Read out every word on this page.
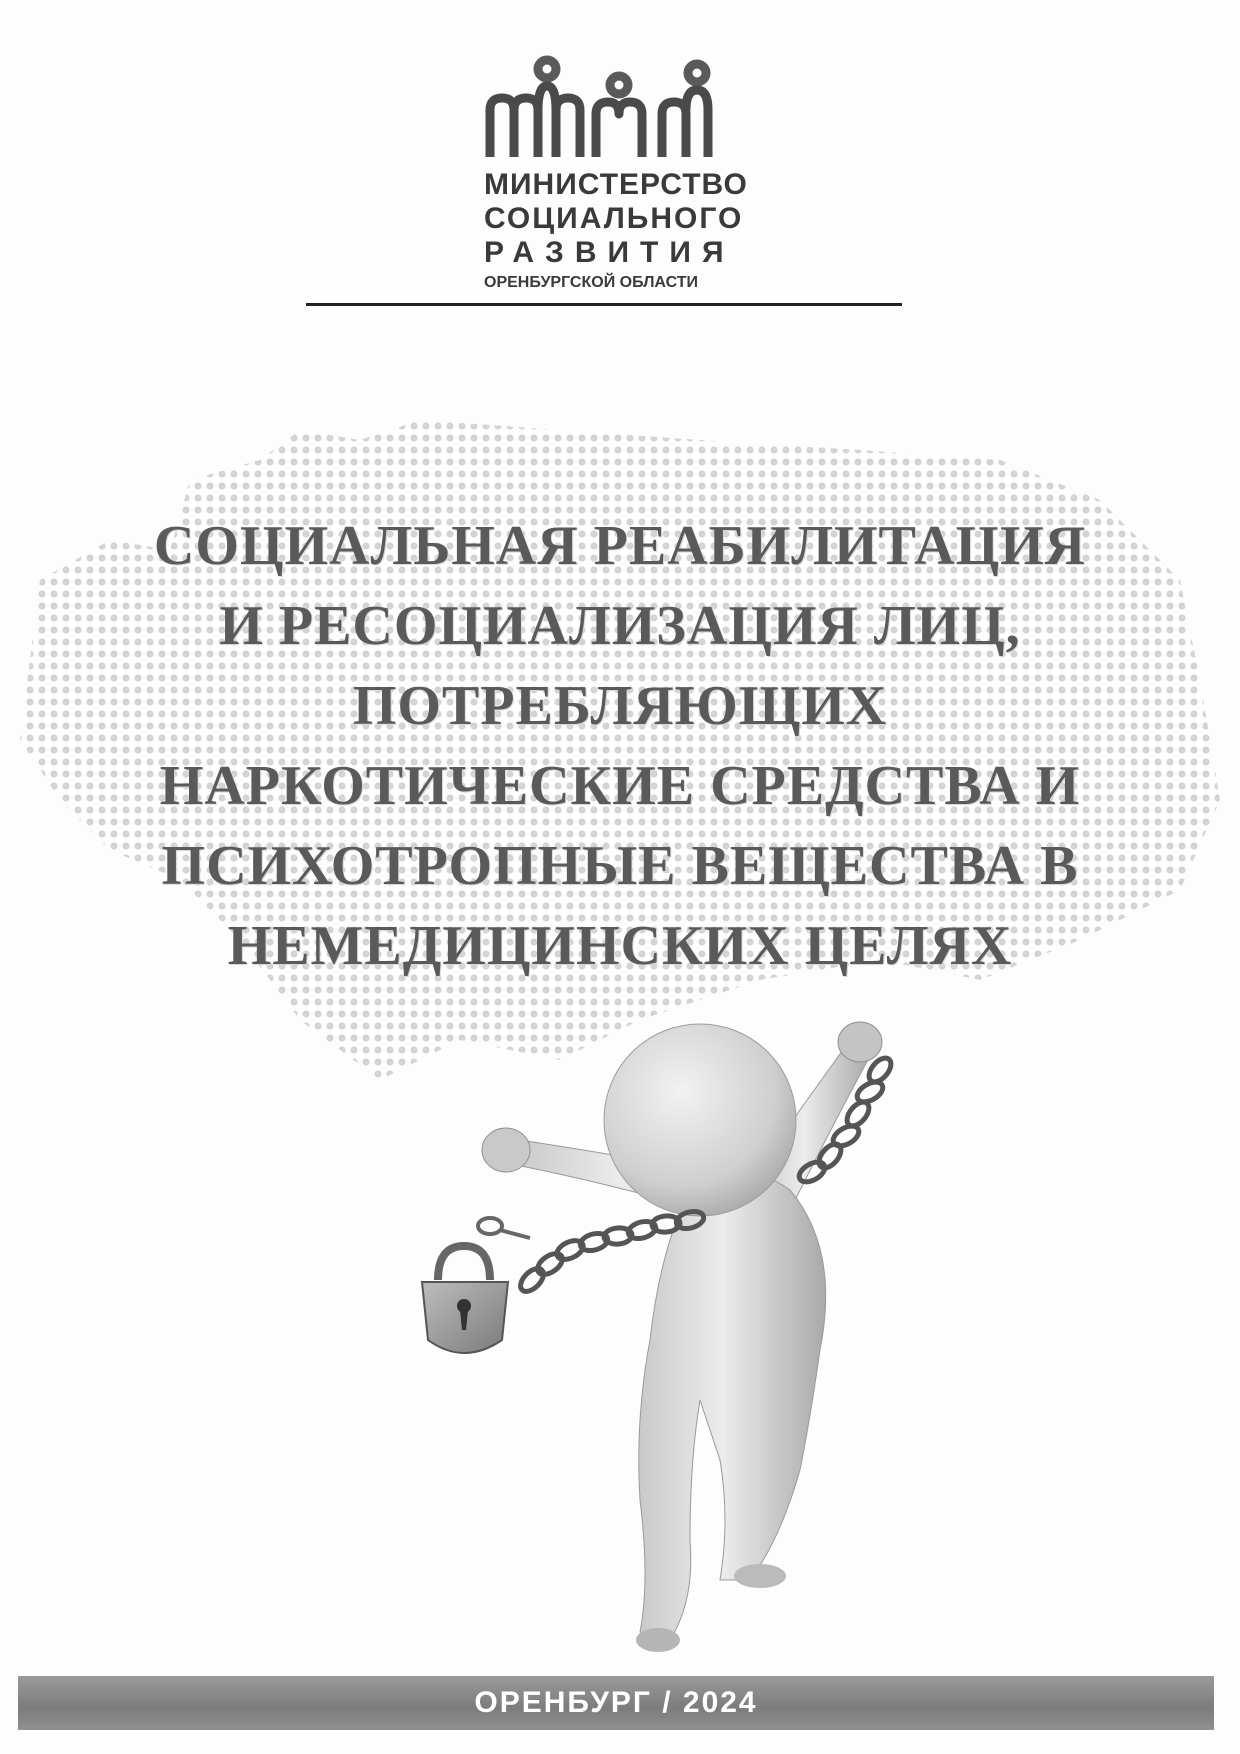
МИНИСТЕРСТВО
СОЦИАЛЬНОГО
РАЗВИТИЯ
ОРЕНБУРГСКОЙ ОБЛАСТИ
СОЦИАЛЬНАЯ РЕАБИЛИТАЦИЯ
И РЕСОЦИАЛИЗАЦИЯ ЛИЦ,
ПОТРЕБЛЯЮЩИХ
НАРКОТИЧЕСКИЕ СРЕДСТВА И
ПСИХОТРОПНЫЕ ВЕЩЕСТВА В
НЕМЕДИЦИНСКИХ ЦЕЛЯХ
ОРЕНБУРГ / 2024
